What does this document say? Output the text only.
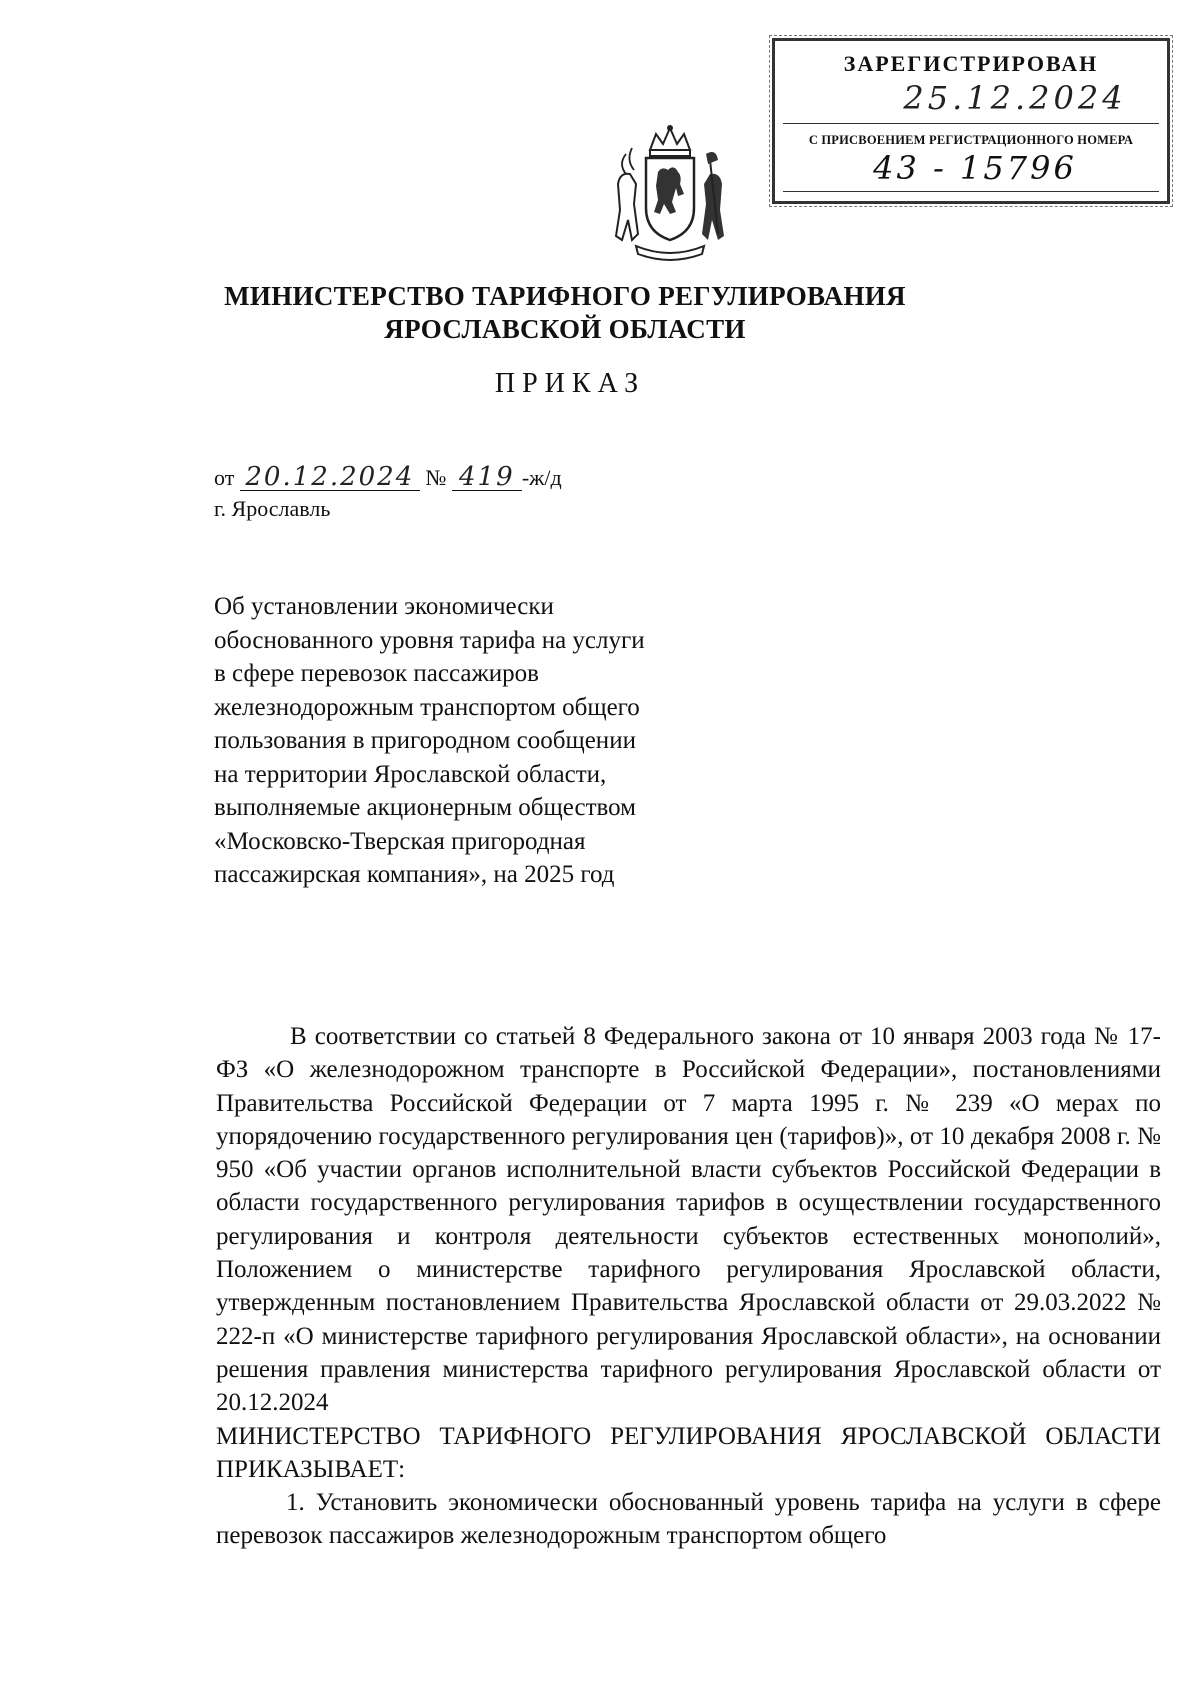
ЗАРЕГИСТРИРОВАН
25.12.2024
С ПРИСВОЕНИЕМ РЕГИСТРАЦИОННОГО НОМЕРА
43 - 15796
МИНИСТЕРСТВО ТАРИФНОГО РЕГУЛИРОВАНИЯ
ЯРОСЛАВСКОЙ ОБЛАСТИ
ПРИКАЗ
от 20.12.2024 № 419 -ж/д
г. Ярославль
Об установлении экономически обоснованного уровня тарифа на услуги в сфере перевозок пассажиров железнодорожным транспортом общего пользования в пригородном сообщении на территории Ярославской области, выполняемые акционерным обществом «Московско-Тверская пригородная пассажирская компания», на 2025 год

В соответствии со статьей 8 Федерального закона от 10 января 2003 года № 17-ФЗ «О железнодорожном транспорте в Российской Федерации», постановлениями Правительства Российской Федерации от 7 марта 1995 г. № 239 «О мерах по упорядочению государственного регулирования цен (тарифов)», от 10 декабря 2008 г. № 950 «Об участии органов исполнительной власти субъектов Российской Федерации в области государственного регулирования тарифов в осуществлении государственного регулирования и контроля деятельности субъектов естественных монополий», Положением о министерстве тарифного регулирования Ярославской области, утвержденным постановлением Правительства Ярославской области от 29.03.2022 № 222-п «О министерстве тарифного регулирования Ярославской области», на основании решения правления министерства тарифного регулирования Ярославской области от 20.12.2024

МИНИСТЕРСТВО ТАРИФНОГО РЕГУЛИРОВАНИЯ ЯРОСЛАВСКОЙ ОБЛАСТИ ПРИКАЗЫВАЕТ:

1. Установить экономически обоснованный уровень тарифа на услуги в сфере перевозок пассажиров железнодорожным транспортом общего
